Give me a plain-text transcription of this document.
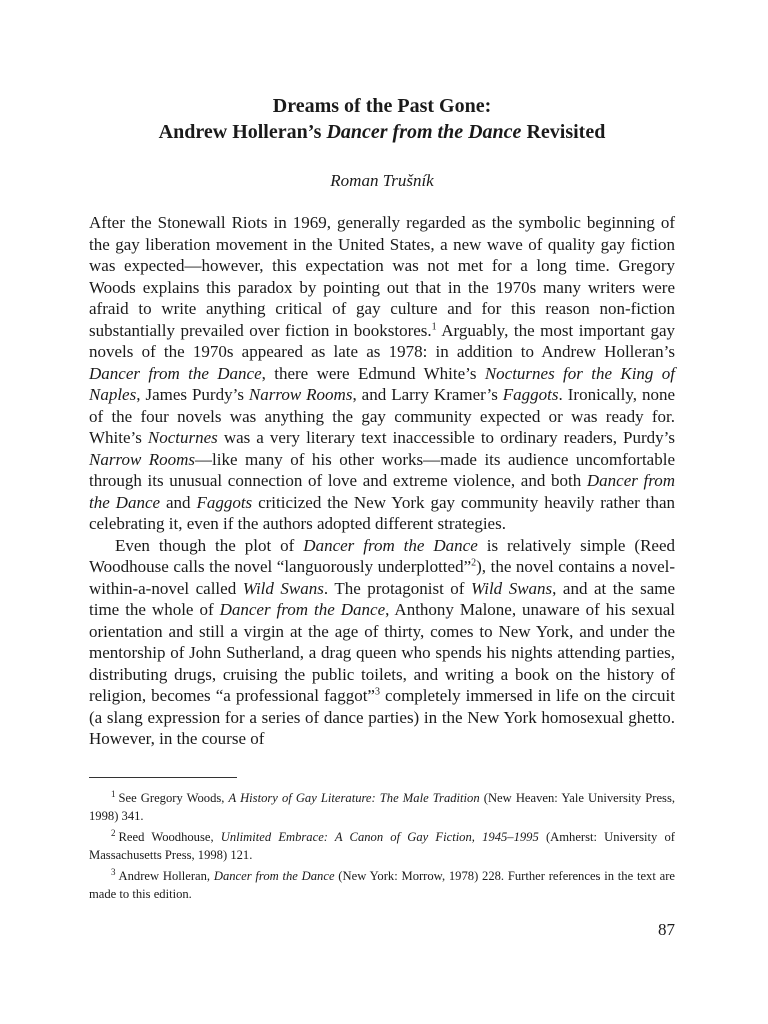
Dreams of the Past Gone:
Andrew Holleran’s Dancer from the Dance Revisited

Roman Trušník

After the Stonewall Riots in 1969, generally regarded as the symbolic beginning of the gay liberation movement in the United States, a new wave of quality gay fiction was expected—however, this expectation was not met for a long time. Gregory Woods explains this paradox by pointing out that in the 1970s many writers were afraid to write anything critical of gay culture and for this reason non-fiction substantially prevailed over fiction in bookstores.$^1$ Arguably, the most important gay novels of the 1970s appeared as late as 1978: in addition to Andrew Holleran’s Dancer from the Dance, there were Edmund White’s Nocturnes for the King of Naples, James Purdy’s Narrow Rooms, and Larry Kramer’s Faggots. Ironically, none of the four novels was anything the gay community expected or was ready for. White’s Nocturnes was a very literary text inaccessible to ordinary readers, Purdy’s Narrow Rooms—like many of his other works—made its audience uncomfortable through its unusual connection of love and extreme violence, and both Dancer from the Dance and Faggots criticized the New York gay community heavily rather than celebrating it, even if the authors adopted different strategies.

Even though the plot of Dancer from the Dance is relatively simple (Reed Woodhouse calls the novel “languorously underplotted”$^2$), the novel contains a novel-within-a-novel called Wild Swans. The protagonist of Wild Swans, and at the same time the whole of Dancer from the Dance, Anthony Malone, unaware of his sexual orientation and still a virgin at the age of thirty, comes to New York, and under the mentorship of John Sutherland, a drag queen who spends his nights attending parties, distributing drugs, cruising the public toilets, and writing a book on the history of religion, becomes “a professional faggot”$^3$ completely immersed in life on the circuit (a slang expression for a series of dance parties) in the New York homosexual ghetto. However, in the course of

$^1$ See Gregory Woods, A History of Gay Literature: The Male Tradition (New Heaven: Yale University Press, 1998) 341.

$^2$ Reed Woodhouse, Unlimited Embrace: A Canon of Gay Fiction, 1945–1995 (Amherst: University of Massachusetts Press, 1998) 121.

$^3$ Andrew Holleran, Dancer from the Dance (New York: Morrow, 1978) 228. Further references in the text are made to this edition.

87
